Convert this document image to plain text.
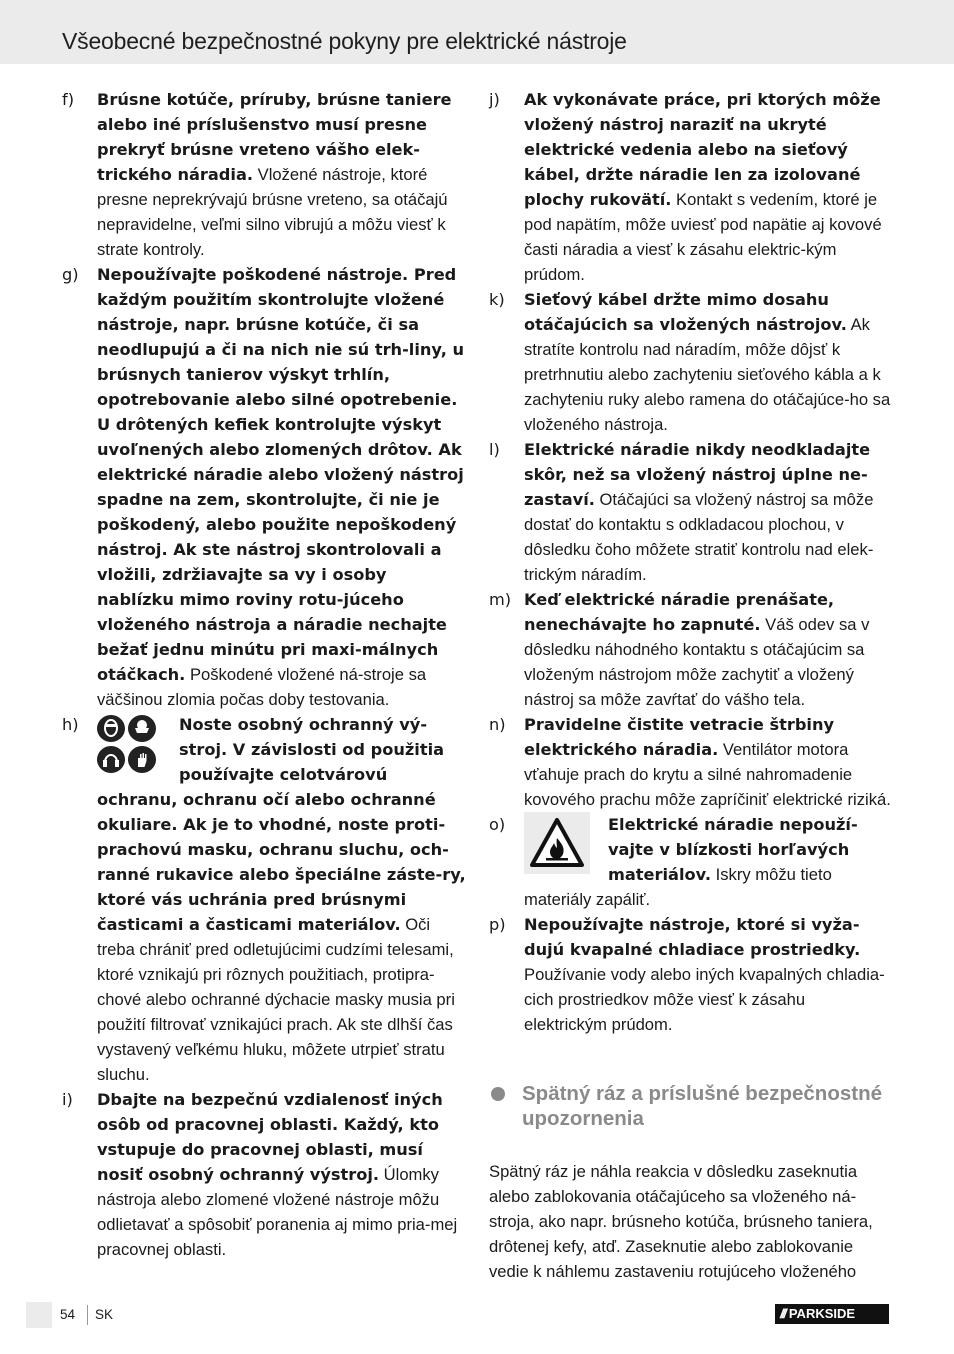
Všeobecné bezpečnostné pokyny pre elektrické nástroje
f) Brúsne kotúče, príruby, brúsne taniere alebo iné príslušenstvo musí presne prekryť brúsne vreteno vášho elek-trického náradia. Vložené nástroje, ktoré presne neprekrývajú brúsne vreteno, sa otáčajú nepravidelne, veľmi silno vibrujú a môžu viesť k strate kontroly.
g) Nepoužívajte poškodené nástroje. Pred každým použitím skontrolujte vložené nástroje, napr. brúsne kotúče, či sa neodlupujú a či na nich nie sú trh-liny, u brúsnych tanierov výskyt trhlín, opotrebovanie alebo silné opotrebenie. U drôtených kefiek kontrolujte výskyt uvoľnených alebo zlomených drôtov. Ak elektrické náradie alebo vložený nástroj spadne na zem, skontrolujte, či nie je poškodený, alebo použite nepoškodený nástroj. Ak ste nástroj skontrolovali a vložili, zdržiavajte sa vy i osoby nablízku mimo roviny rotu-júceho vloženého nástroja a náradie nechajte bežať jednu minútu pri maxi-málnych otáčkach. Poškodené vložené ná-stroje sa väčšinou zlomia počas doby testovania.
h)	Noste osobný ochranný vý-stroj. V závislosti od použitia používajte celotvárovú ochranu, ochranu očí alebo ochranné okuliare. Ak je to vhodné, noste proti-prachovú masku, ochranu sluchu, och-ranné rukavice alebo špeciálne záste-ry, ktoré vás uchránia pred brúsnymi časticami a časticami materiálov. Oči treba chrániť pred odletujúcimi cudzími telesami, ktoré vznikajú pri rôznych použitiach, protipra-chové alebo ochranné dýchacie masky musia pri použití filtrovať vznikajúci prach. Ak ste dlhší čas vystavený veľkému hluku, môžete utrpieť stratu sluchu.
i) Dbajte na bezpečnú vzdialenosť iných osôb od pracovnej oblasti. Každý, kto vstupuje do pracovnej oblasti, musí nosiť osobný ochranný výstroj. Úlomky nástroja alebo zlomené vložené nástroje môžu odlietavať a spôsobiť poranenia aj mimo pria-mej pracovnej oblasti.
j) Ak vykonávate práce, pri ktorých môže vložený nástroj naraziť na ukryté elektrické vedenia alebo na sieťový kábel, držte náradie len za izolované plochy rukovätí. Kontakt s vedením, ktoré je pod napätím, môže uviesť pod napätie aj kovové časti náradia a viesť k zásahu elektric-kým prúdom.
k) Sieťový kábel držte mimo dosahu otáčajúcich sa vložených nástrojov. Ak stratíte kontrolu nad náradím, môže dôjsť k pretrhnutiu alebo zachyteniu sieťového kábla a k zachyteniu ruky alebo ramena do otáčajúce-ho sa vloženého nástroja.
l) Elektrické náradie nikdy neodkladajte skôr, než sa vložený nástroj úplne ne-zastaví. Otáčajúci sa vložený nástroj sa môže dostať do kontaktu s odkladacou plochou, v dôsledku čoho môžete stratiť kontrolu nad elek-trickým náradím.
m) Keď elektrické náradie prenášate, nenechávajte ho zapnuté. Váš odev sa v dôsledku náhodného kontaktu s otáčajúcim sa vloženým nástrojom môže zachytiť a vložený nástroj sa môže zavŕtať do vášho tela.
n) Pravidelne čistite vetracie štrbiny elektrického náradia. Ventilátor motora vťahuje prach do krytu a silné nahromadenie kovového prachu môže zapríčiniť elektrické riziká.
o)	Elektrické náradie nepouží-vajte v blízkosti horľavých materiálov. Iskry môžu tieto materiály zapáliť.
p) Nepoužívajte nástroje, ktoré si vyža-dujú kvapalné chladiace prostriedky. Používanie vody alebo iných kvapalných chladia-cich prostriedkov môže viesť k zásahu elektrickým prúdom.
Spätný ráz a príslušné bezpečnostné upozornenia
Spätný ráz je náhla reakcia v dôsledku zaseknutia alebo zablokovania otáčajúceho sa vloženého ná-stroja, ako napr. brúsneho kotúča, brúsneho taniera, drôtenej kefy, atď. Zaseknutie alebo zablokovanie vedie k náhlemu zastaveniu rotujúceho vloženého
54 SK	/// PARKSIDE
